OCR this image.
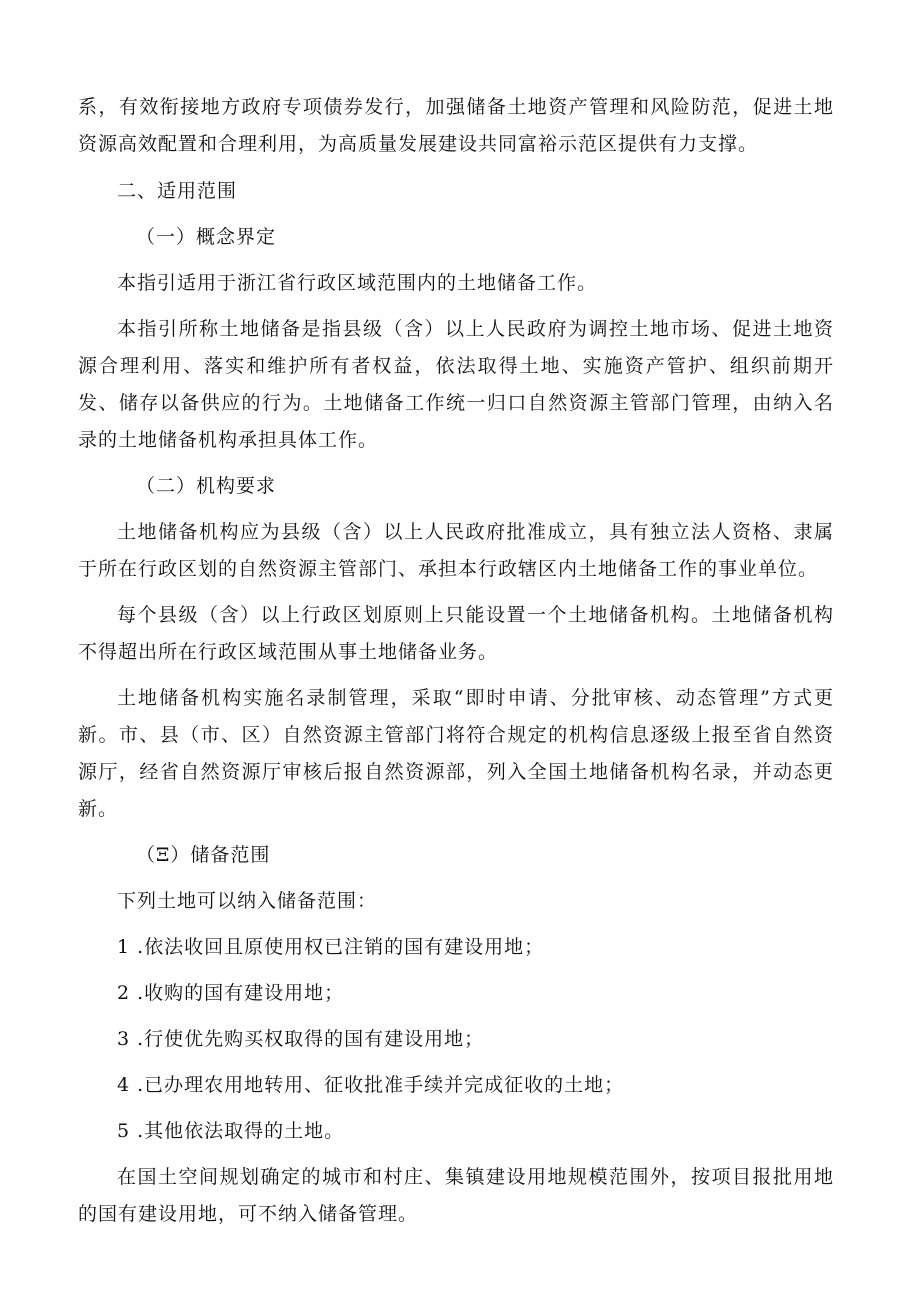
系，有效衔接地方政府专项债券发行，加强储备土地资产管理和风险防范，促进土地资源高效配置和合理利用，为高质量发展建设共同富裕示范区提供有力支撑。

二、适用范围

（一）概念界定

本指引适用于浙江省行政区域范围内的土地储备工作。

本指引所称土地储备是指县级（含）以上人民政府为调控土地市场、促进土地资源合理利用、落实和维护所有者权益，依法取得土地、实施资产管护、组织前期开发、储存以备供应的行为。土地储备工作统一归口自然资源主管部门管理，由纳入名录的土地储备机构承担具体工作。

（二）机构要求

土地储备机构应为县级（含）以上人民政府批准成立，具有独立法人资格、隶属于所在行政区划的自然资源主管部门、承担本行政辖区内土地储备工作的事业单位。

每个县级（含）以上行政区划原则上只能设置一个土地储备机构。土地储备机构不得超出所在行政区域范围从事土地储备业务。

土地储备机构实施名录制管理，采取“即时申请、分批审核、动态管理”方式更新。市、县（市、区）自然资源主管部门将符合规定的机构信息逐级上报至省自然资源厅，经省自然资源厅审核后报自然资源部，列入全国土地储备机构名录，并动态更新。

（Ξ）储备范围

下列土地可以纳入储备范围：

1 .依法收回且原使用权已注销的国有建设用地；

2 .收购的国有建设用地；

3 .行使优先购买权取得的国有建设用地；

4 .已办理农用地转用、征收批准手续并完成征收的土地；

5 .其他依法取得的土地。

在国土空间规划确定的城市和村庄、集镇建设用地规模范围外，按项目报批用地的国有建设用地，可不纳入储备管理。
